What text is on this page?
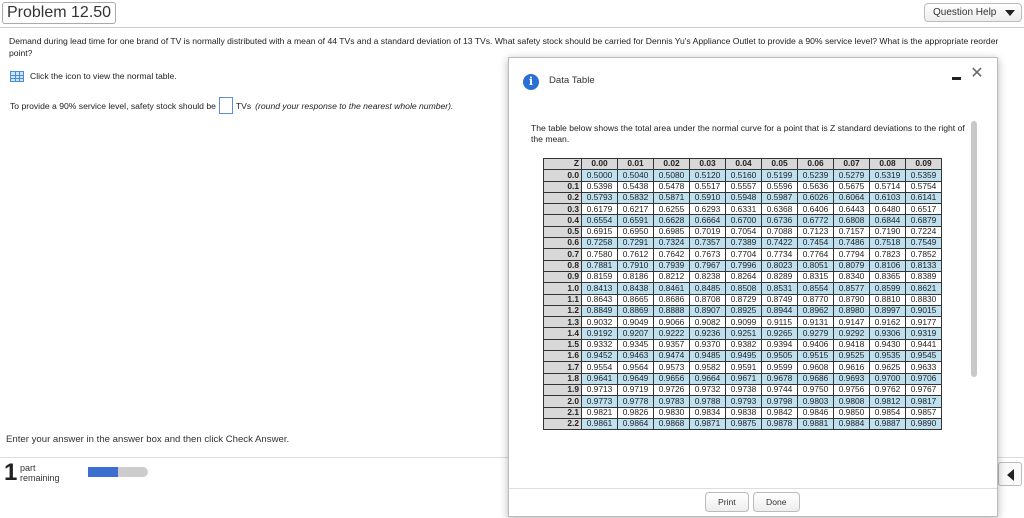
Problem 12.50	Question Help
Demand during lead time for one brand of TV is normally distributed with a mean of 44 TVs and a standard deviation of 13 TVs. What safety stock should be carried for Dennis Yu's Appliance Outlet to provide a 90% service level? What is the appropriate reorder point?
Click the icon to view the normal table.
To provide a 90% service level, safety stock should be TVs (round your response to the nearest whole number).
Enter your answer in the answer box and then click Check Answer.
1 part
remaining
i	Data Table	✕
The table below shows the total area under the normal curve for a point that is Z standard deviations to the right of the mean.
Z	0.00	0.01	0.02	0.03	0.04	0.05	0.06	0.07	0.08	0.09
0.0	0.5000	0.5040	0.5080	0.5120	0.5160	0.5199	0.5239	0.5279	0.5319	0.5359
0.1	0.5398	0.5438	0.5478	0.5517	0.5557	0.5596	0.5636	0.5675	0.5714	0.5754
0.2	0.5793	0.5832	0.5871	0.5910	0.5948	0.5987	0.6026	0.6064	0.6103	0.6141
0.3	0.6179	0.6217	0.6255	0.6293	0.6331	0.6368	0.6406	0.6443	0.6480	0.6517
0.4	0.6554	0.6591	0.6628	0.6664	0.6700	0.6736	0.6772	0.6808	0.6844	0.6879
0.5	0.6915	0.6950	0.6985	0.7019	0.7054	0.7088	0.7123	0.7157	0.7190	0.7224
0.6	0.7258	0.7291	0.7324	0.7357	0.7389	0.7422	0.7454	0.7486	0.7518	0.7549
0.7	0.7580	0.7612	0.7642	0.7673	0.7704	0.7734	0.7764	0.7794	0.7823	0.7852
0.8	0.7881	0.7910	0.7939	0.7967	0.7996	0.8023	0.8051	0.8079	0.8106	0.8133
0.9	0.8159	0.8186	0.8212	0.8238	0.8264	0.8289	0.8315	0.8340	0.8365	0.8389
1.0	0.8413	0.8438	0.8461	0.8485	0.8508	0.8531	0.8554	0.8577	0.8599	0.8621
1.1	0.8643	0.8665	0.8686	0.8708	0.8729	0.8749	0.8770	0.8790	0.8810	0.8830
1.2	0.8849	0.8869	0.8888	0.8907	0.8925	0.8944	0.8962	0.8980	0.8997	0.9015
1.3	0.9032	0.9049	0.9066	0.9082	0.9099	0.9115	0.9131	0.9147	0.9162	0.9177
1.4	0.9192	0.9207	0.9222	0.9236	0.9251	0.9265	0.9279	0.9292	0.9306	0.9319
1.5	0.9332	0.9345	0.9357	0.9370	0.9382	0.9394	0.9406	0.9418	0.9430	0.9441
1.6	0.9452	0.9463	0.9474	0.9485	0.9495	0.9505	0.9515	0.9525	0.9535	0.9545
1.7	0.9554	0.9564	0.9573	0.9582	0.9591	0.9599	0.9608	0.9616	0.9625	0.9633
1.8	0.9641	0.9649	0.9656	0.9664	0.9671	0.9678	0.9686	0.9693	0.9700	0.9706
1.9	0.9713	0.9719	0.9726	0.9732	0.9738	0.9744	0.9750	0.9756	0.9762	0.9767
2.0	0.9773	0.9778	0.9783	0.9788	0.9793	0.9798	0.9803	0.9808	0.9812	0.9817
2.1	0.9821	0.9826	0.9830	0.9834	0.9838	0.9842	0.9846	0.9850	0.9854	0.9857
2.2	0.9861	0.9864	0.9868	0.9871	0.9875	0.9878	0.9881	0.9884	0.9887	0.9890
Print	Done
